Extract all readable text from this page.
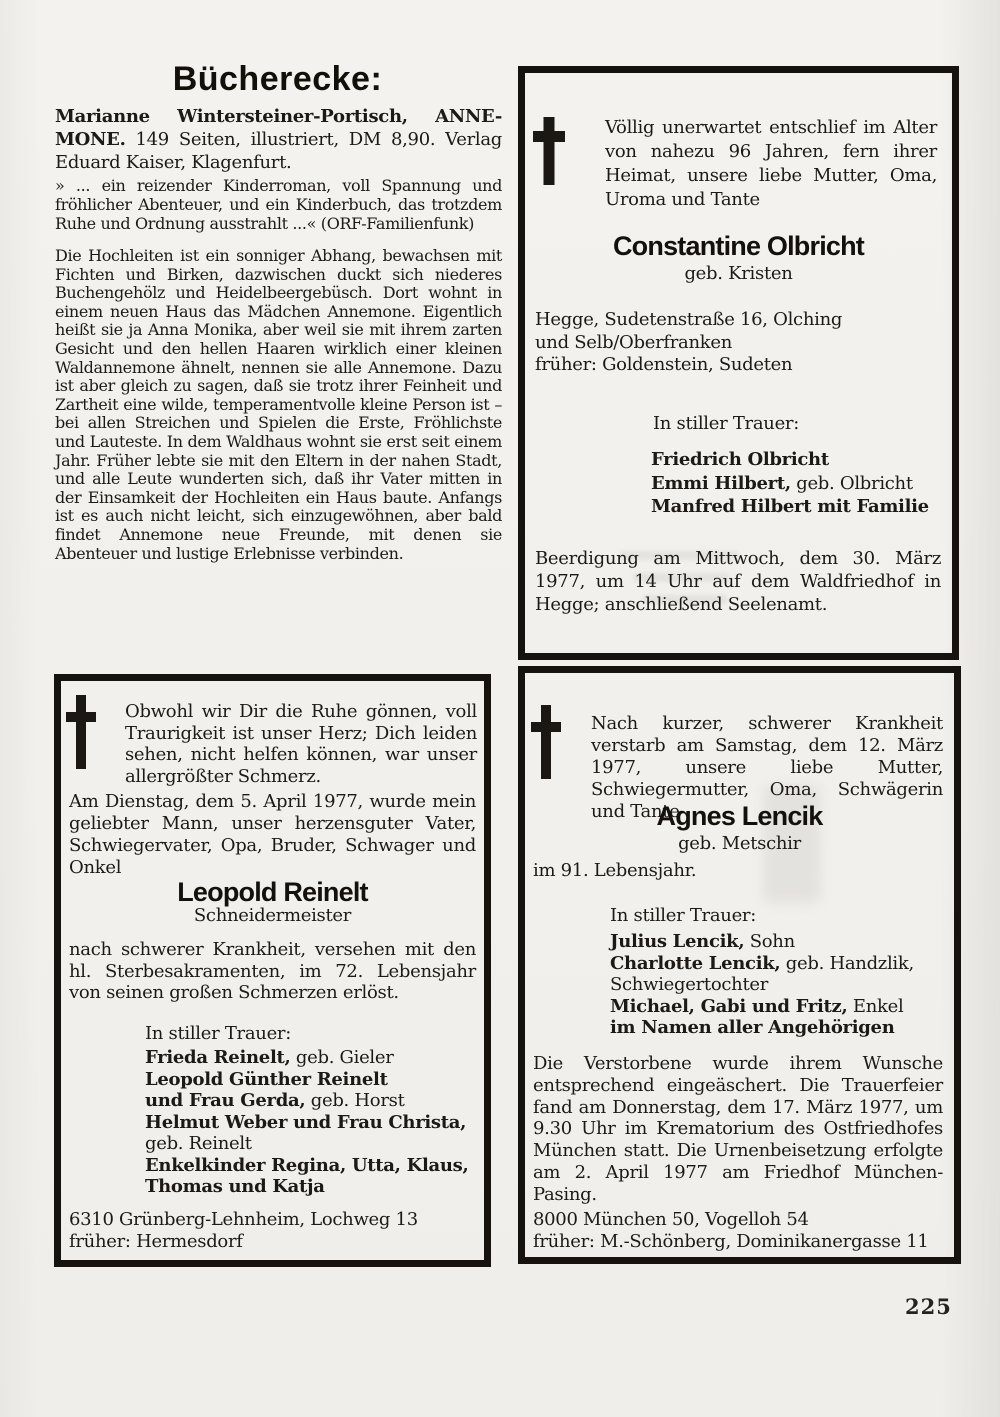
Bücherecke:
Marianne Wintersteiner-Portisch, ANNE-MONE. 149 Seiten, illustriert, DM 8,90. Verlag Eduard Kaiser, Klagenfurt.
» ... ein reizender Kinderroman, voll Spannung und fröhlicher Abenteuer, und ein Kinderbuch, das trotzdem Ruhe und Ordnung ausstrahlt ...« (ORF-Familienfunk)
Die Hochleiten ist ein sonniger Abhang, bewachsen mit Fichten und Birken, dazwischen duckt sich niederes Buchengehölz und Heidelbeergebüsch. Dort wohnt in einem neuen Haus das Mädchen Annemone. Eigentlich heißt sie ja Anna Monika, aber weil sie mit ihrem zarten Gesicht und den hellen Haaren wirklich einer kleinen Waldannemone ähnelt, nennen sie alle Annemone. Dazu ist aber gleich zu sagen, daß sie trotz ihrer Feinheit und Zartheit eine wilde, temperamentvolle kleine Person ist – bei allen Streichen und Spielen die Erste, Fröhlichste und Lauteste. In dem Waldhaus wohnt sie erst seit einem Jahr. Früher lebte sie mit den Eltern in der nahen Stadt, und alle Leute wunderten sich, daß ihr Vater mitten in der Einsamkeit der Hochleiten ein Haus baute. Anfangs ist es auch nicht leicht, sich einzugewöhnen, aber bald findet Annemone neue Freunde, mit denen sie Abenteuer und lustige Erlebnisse verbinden.
Völlig unerwartet entschlief im Alter von nahezu 96 Jahren, fern ihrer Heimat, unsere liebe Mutter, Oma, Uroma und Tante
Constantine Olbricht
geb. Kristen
Hegge, Sudetenstraße 16, Olching
und Selb/Oberfranken
früher: Goldenstein, Sudeten
In stiller Trauer:
Friedrich Olbricht
Emmi Hilbert, geb. Olbricht
Manfred Hilbert mit Familie
Beerdigung am Mittwoch, dem 30. März 1977, um 14 Uhr auf dem Waldfriedhof in Hegge; anschließend Seelenamt.
Obwohl wir Dir die Ruhe gönnen, voll Traurigkeit ist unser Herz; Dich leiden sehen, nicht helfen können, war unser allergrößter Schmerz.
Am Dienstag, dem 5. April 1977, wurde mein geliebter Mann, unser herzensguter Vater, Schwiegervater, Opa, Bruder, Schwager und Onkel
Leopold Reinelt
Schneidermeister
nach schwerer Krankheit, versehen mit den hl. Sterbesakramenten, im 72. Lebensjahr von seinen großen Schmerzen erlöst.
In stiller Trauer:
Frieda Reinelt, geb. Gieler
Leopold Günther Reinelt
und Frau Gerda, geb. Horst
Helmut Weber und Frau Christa,
geb. Reinelt
Enkelkinder Regina, Utta, Klaus,
Thomas und Katja
6310 Grünberg-Lehnheim, Lochweg 13
früher: Hermesdorf
Nach kurzer, schwerer Krankheit verstarb am Samstag, dem 12. März 1977, unsere liebe Mutter, Schwiegermutter, Oma, Schwägerin und Tante
Agnes Lencik
geb. Metschir
im 91. Lebensjahr.
In stiller Trauer:
Julius Lencik, Sohn
Charlotte Lencik, geb. Handzlik,
Schwiegertochter
Michael, Gabi und Fritz, Enkel
im Namen aller Angehörigen
Die Verstorbene wurde ihrem Wunsche entsprechend eingeäschert. Die Trauerfeier fand am Donnerstag, dem 17. März 1977, um 9.30 Uhr im Krematorium des Ostfriedhofes München statt. Die Urnenbeisetzung erfolgte am 2. April 1977 am Friedhof München-Pasing.
8000 München 50, Vogelloh 54
früher: M.-Schönberg, Dominikanergasse 11
225
